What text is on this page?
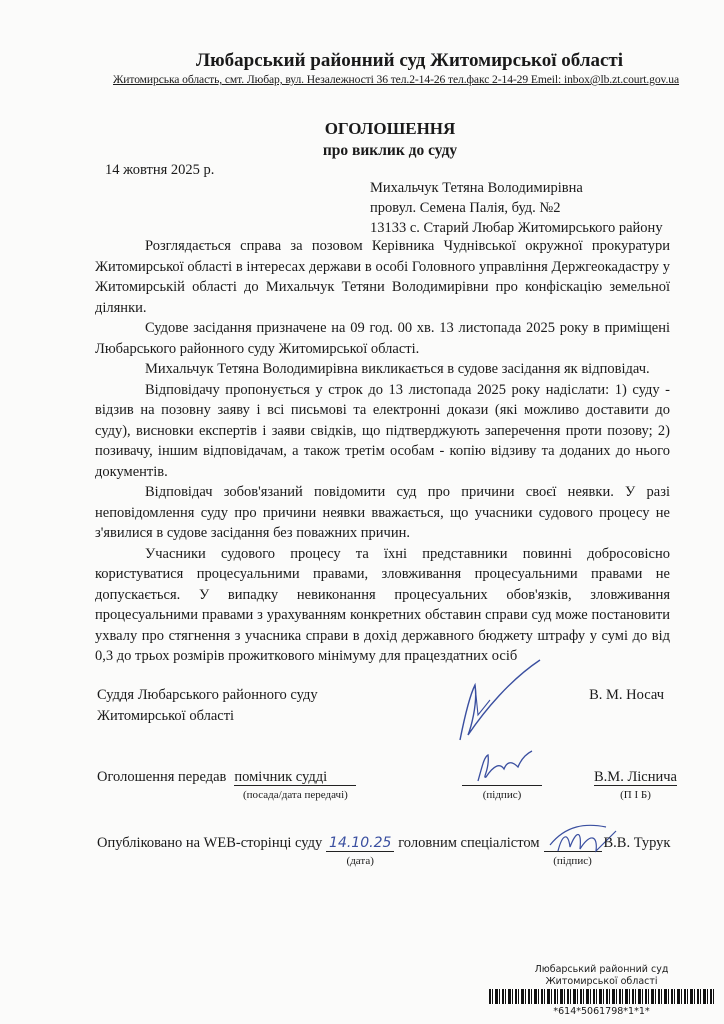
Любарський районний суд Житомирської області
Житомирська область, смт. Любар, вул. Незалежності 36 тел.2-14-26 тел.факс 2-14-29 Emeil: inbox@lb.zt.court.gov.ua
ОГОЛОШЕННЯ
про виклик до суду
14 жовтня 2025 р.
Михальчук Тетяна Володимирівна
провул. Семена Палія, буд. №2
13133 с. Старий Любар Житомирського району

Розглядається справа за позовом Керівника Чуднівської окружної прокуратури Житомирської області в інтересах держави в особі Головного управління Держгеокадастру у Житомирській області до Михальчук Тетяни Володимирівни про конфіскацію земельної ділянки.

Судове засідання призначене на 09 год. 00 хв. 13 листопада 2025 року в приміщені Любарського районного суду Житомирської області.

Михальчук Тетяна Володимирівна викликається в судове засідання як відповідач.

Відповідачу пропонується у строк до 13 листопада 2025 року надіслати: 1) суду - відзив на позовну заяву і всі письмові та електронні докази (які можливо доставити до суду), висновки експертів і заяви свідків, що підтверджують заперечення проти позову; 2) позивачу, іншим відповідачам, а також третім особам - копію відзиву та доданих до нього документів.

Відповідач зобов'язаний повідомити суд про причини своєї неявки. У разі неповідомлення суду про причини неявки вважається, що учасники судового процесу не з'явилися в судове засідання без поважних причин.

Учасники судового процесу та їхні представники повинні добросовісно користуватися процесуальними правами, зловживання процесуальними правами не допускається. У випадку невиконання процесуальних обов'язків, зловживання процесуальними правами з урахуванням конкретних обставин справи суд може постановити ухвалу про стягнення з учасника справи в дохід державного бюджету штрафу у сумі до від 0,3 до трьох розмірів прожиткового мінімуму для працездатних осіб

Суддя Любарського районного суду
Житомирської області
В. М. Носач
Оголошення передав помічник судді
(посада/дата передачі)	(підпис)
В.М. Ліснича
(П І Б)
Опубліковано на WEB-сторінці суду 14.10.25
(дата)
головним спеціалістом
(підпис)
В.В. Турук
Любарський районний суд
Житомирської області
*614*5061798*1*1*
